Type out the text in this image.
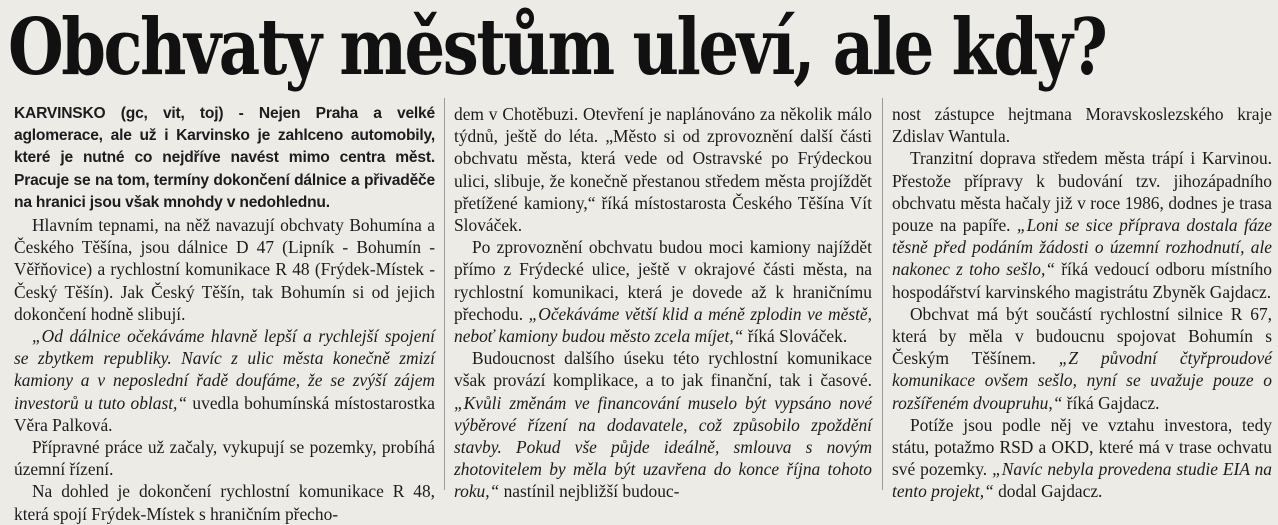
Obchvaty městům uleví, ale kdy?

KARVINSKO (gc, vit, toj) - Nejen Praha a velké aglomerace, ale už i Karvinsko je zahlceno automobily, které je nutné co nejdříve navést mimo centra měst. Pracuje se na tom, termíny dokončení dálnice a přivaděče na hranici jsou však mnohdy v nedohlednu.

Hlavním tepnami, na něž navazují obchvaty Bohumína a Českého Těšína, jsou dálnice D 47 (Lipník - Bohumín - Věřňovice) a rychlostní komunikace R 48 (Frýdek-Místek - Český Těšín). Jak Český Těšín, tak Bohumín si od jejich dokončení hodně slibují.

„Od dálnice očekáváme hlavně lepší a rychlejší spojení se zbytkem republiky. Navíc z ulic města konečně zmizí kamiony a v neposlední řadě doufáme, že se zvýší zájem investorů u tuto oblast,“ uvedla bohumínská místostarostka Věra Palková.

Přípravné práce už začaly, vykupují se pozemky, probíhá územní řízení.

Na dohled je dokončení rychlostní komunikace R 48, která spojí Frýdek-Místek s hraničním přecho-

dem v Chotěbuzi. Otevření je naplánováno za několik málo týdnů, ještě do léta. „Město si od zprovoznění další části obchvatu města, která vede od Ostravské po Frýdeckou ulici, slibuje, že konečně přestanou středem města projíždět přetížené kamiony,“ říká místostarosta Českého Těšína Vít Slováček.

Po zprovoznění obchvatu budou moci kamiony najíždět přímo z Frýdecké ulice, ještě v okrajové části města, na rychlostní komunikaci, která je dovede až k hraničnímu přechodu. „Očekáváme větší klid a méně zplodin ve městě, neboť kamiony budou město zcela míjet,“ říká Slováček.

Budoucnost dalšího úseku této rychlostní komunikace však provází komplikace, a to jak finanční, tak i časové. „Kvůli změnám ve financování muselo být vypsáno nové výběrové řízení na dodavatele, což způsobilo zpoždění stavby. Pokud vše půjde ideálně, smlouva s novým zhotovitelem by měla být uzavřena do konce října tohoto roku,“ nastínil nejbližší budouc-

nost zástupce hejtmana Moravskoslezského kraje Zdislav Wantula.

Tranzitní doprava středem města trápí i Karvinou. Přestože přípravy k budování tzv. jihozápadního obchvatu města hačaly již v roce 1986, dodnes je trasa pouze na papíře. „Loni se sice příprava dostala fáze těsně před podáním žádosti o územní rozhodnutí, ale nakonec z toho sešlo,“ říká vedoucí odboru místního hospodářství karvinského magistrátu Zbyněk Gajdacz.

Obchvat má být součástí rychlostní silnice R 67, která by měla v budoucnu spojovat Bohumín s Českým Těšínem. „Z původní čtyřproudové komunikace ovšem sešlo, nyní se uvažuje pouze o rozšířeném dvoupruhu,“ říká Gajdacz.

Potíže jsou podle něj ve vztahu investora, tedy státu, potažmo RSD a OKD, které má v trase ochvatu své pozemky. „Navíc nebyla provedena studie EIA na tento projekt,“ dodal Gajdacz.
